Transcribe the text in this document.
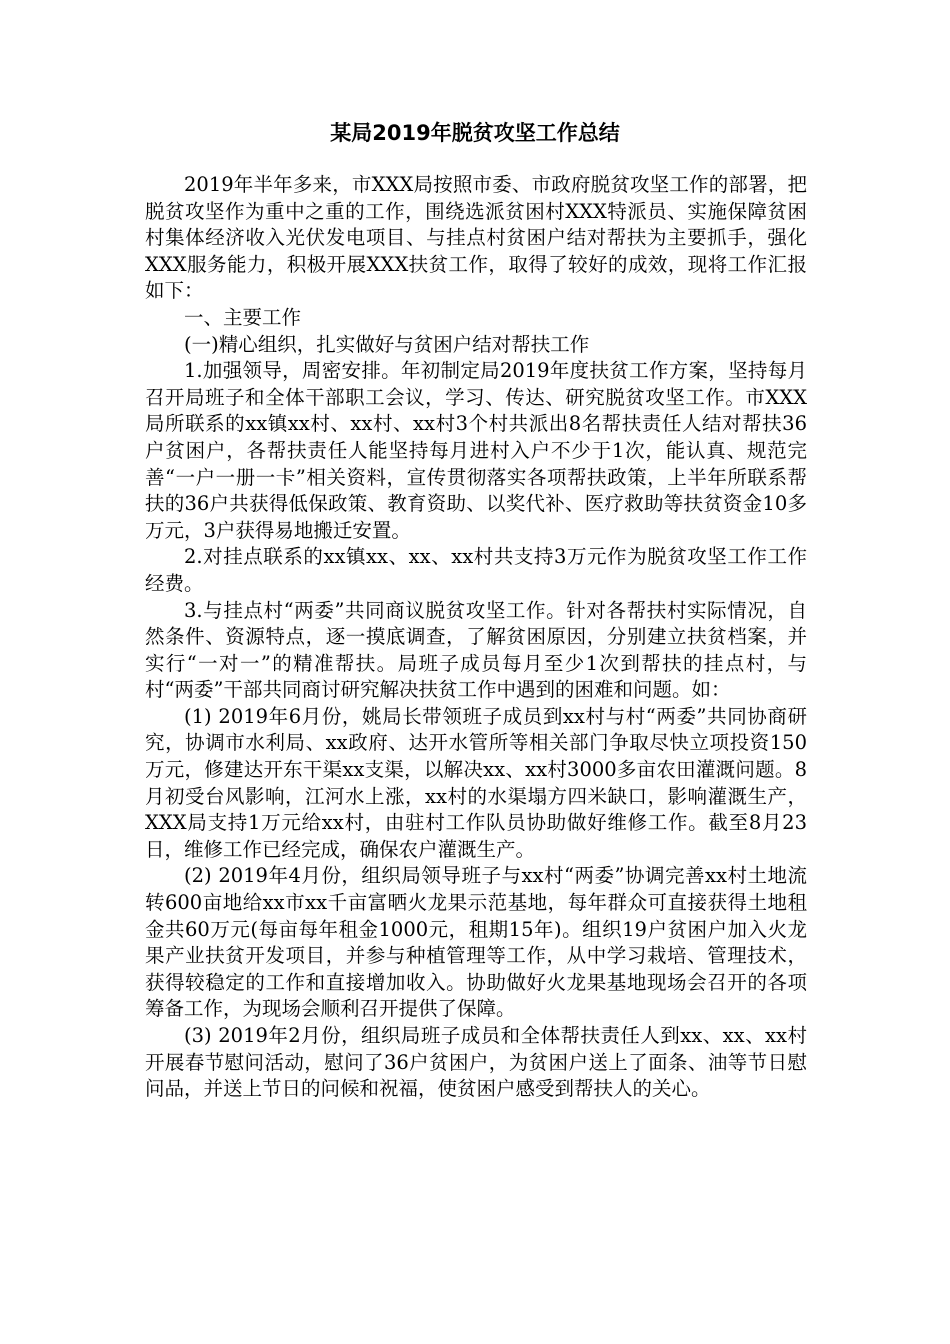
某局2019年脱贫攻坚工作总结

2019年半年多来，市XXX局按照市委、市政府脱贫攻坚工作的部署，把脱贫攻坚作为重中之重的工作，围绕选派贫困村XXX特派员、实施保障贫困村集体经济收入光伏发电项目、与挂点村贫困户结对帮扶为主要抓手，强化XXX服务能力，积极开展XXX扶贫工作，取得了较好的成效，现将工作汇报如下：

一、主要工作

(一)精心组织，扎实做好与贫困户结对帮扶工作

1.加强领导，周密安排。年初制定局2019年度扶贫工作方案，坚持每月召开局班子和全体干部职工会议，学习、传达、研究脱贫攻坚工作。市XXX局所联系的xx镇xx村、xx村、xx村3个村共派出8名帮扶责任人结对帮扶36户贫困户，各帮扶责任人能坚持每月进村入户不少于1次，能认真、规范完善“一户一册一卡”相关资料，宣传贯彻落实各项帮扶政策，上半年所联系帮扶的36户共获得低保政策、教育资助、以奖代补、医疗救助等扶贫资金10多万元，3户获得易地搬迁安置。

2.对挂点联系的xx镇xx、xx、xx村共支持3万元作为脱贫攻坚工作工作经费。

3.与挂点村“两委”共同商议脱贫攻坚工作。针对各帮扶村实际情况，自然条件、资源特点，逐一摸底调查，了解贫困原因，分别建立扶贫档案，并实行“一对一”的精准帮扶。局班子成员每月至少1次到帮扶的挂点村，与村“两委”干部共同商讨研究解决扶贫工作中遇到的困难和问题。如：

(1) 2019年6月份，姚局长带领班子成员到xx村与村“两委”共同协商研究，协调市水利局、xx政府、达开水管所等相关部门争取尽快立项投资150万元，修建达开东干渠xx支渠，以解决xx、xx村3000多亩农田灌溉问题。8月初受台风影响，江河水上涨，xx村的水渠塌方四米缺口，影响灌溉生产，XXX局支持1万元给xx村，由驻村工作队员协助做好维修工作。截至8月23日，维修工作已经完成，确保农户灌溉生产。

(2) 2019年4月份，组织局领导班子与xx村“两委”协调完善xx村土地流转600亩地给xx市xx千亩富晒火龙果示范基地，每年群众可直接获得土地租金共60万元(每亩每年租金1000元，租期15年)。组织19户贫困户加入火龙果产业扶贫开发项目，并参与种植管理等工作，从中学习栽培、管理技术，获得较稳定的工作和直接增加收入。协助做好火龙果基地现场会召开的各项筹备工作，为现场会顺利召开提供了保障。

(3) 2019年2月份，组织局班子成员和全体帮扶责任人到xx、xx、xx村开展春节慰问活动，慰问了36户贫困户，为贫困户送上了面条、油等节日慰问品，并送上节日的问候和祝福，使贫困户感受到帮扶人的关心。
